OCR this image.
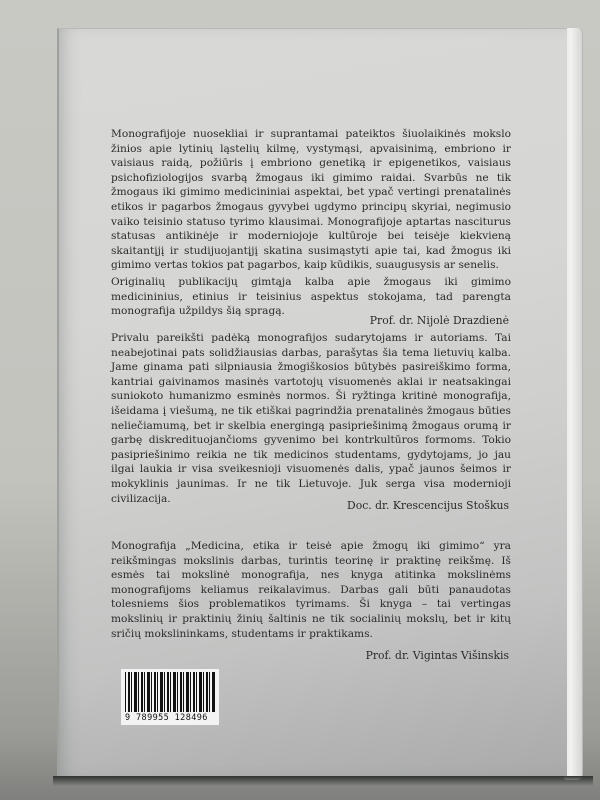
Monografijoje nuosekliai ir suprantamai pateiktos šiuolaikinės mokslo žinios apie lytinių ląstelių kilmę, vystymąsi, apvaisinimą, embriono ir vaisiaus raidą, požiūris į embriono genetiką ir epigenetikos, vaisiaus psichofiziologijos svarbą žmogaus iki gimimo raidai. Svarbūs ne tik žmogaus iki gimimo medicininiai aspektai, bet ypač vertingi prenatalinės etikos ir pagarbos žmogaus gyvybei ugdymo principų skyriai, negimusio vaiko teisinio statuso tyrimo klausimai. Monografijoje aptartas nasciturus statusas antikinėje ir moderniojoje kultūroje bei teisėje kiekvieną skaitantįjį ir studijuojantįjį skatina susimąstyti apie tai, kad žmogus iki gimimo vertas tokios pat pagarbos, kaip kūdikis, suaugusysis ar senelis.

Originalių publikacijų gimtąja kalba apie žmogaus iki gimimo medicininius, etinius ir teisinius aspektus stokojama, tad parengta monografija užpildys šią spragą.

Prof. dr. Nijolė Drazdienė

Privalu pareikšti padėką monografijos sudarytojams ir autoriams. Tai neabejotinai pats solidžiausias darbas, parašytas šia tema lietuvių kalba. Jame ginama pati silpniausia žmogiškosios būtybės pasireiškimo forma, kantriai gaivinamos masinės vartotojų visuomenės aklai ir neatsakingai suniokoto humanizmo esminės normos. Ši ryžtinga kritinė monografija, išeidama į viešumą, ne tik etiškai pagrindžia prenatalinės žmogaus būties neliečiamumą, bet ir skelbia energingą pasipriešinimą žmogaus orumą ir garbę diskredituojančioms gyvenimo bei kontrkultūros formoms. Tokio pasipriešinimo reikia ne tik medicinos studentams, gydytojams, jo jau ilgai laukia ir visa sveikesnioji visuomenės dalis, ypač jaunos šeimos ir mokyklinis jaunimas. Ir ne tik Lietuvoje. Juk serga visa modernioji civilizacija.

Doc. dr. Krescencijus Stoškus

Monografija „Medicina, etika ir teisė apie žmogų iki gimimo“ yra reikšmingas mokslinis darbas, turintis teorinę ir praktinę reikšmę. Iš esmės tai mokslinė monografija, nes knyga atitinka mokslinėms monografijoms keliamus reikalavimus. Darbas gali būti panaudotas tolesniems šios problematikos tyrimams. Ši knyga – tai vertingas mokslinių ir praktinių žinių šaltinis ne tik socialinių mokslų, bet ir kitų sričių mokslininkams, studentams ir praktikams.

Prof. dr. Vigintas Višinskis
9 789955 128496
